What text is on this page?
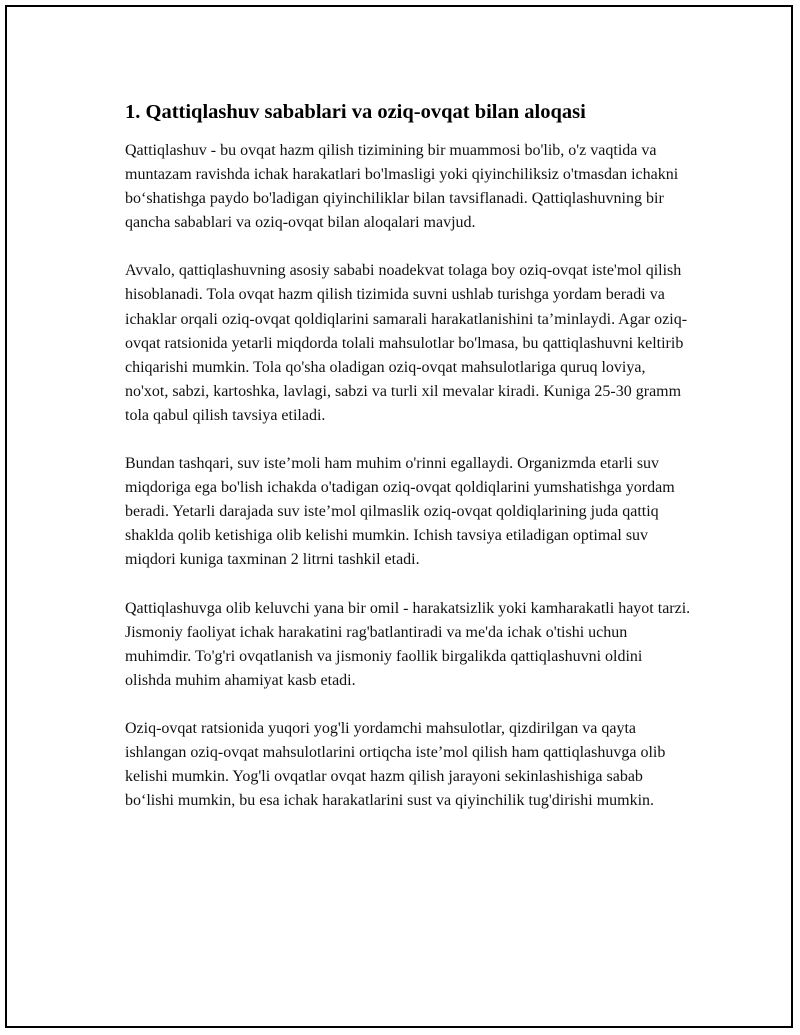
1. Qattiqlashuv sabablari va oziq-ovqat bilan aloqasi

Qattiqlashuv - bu ovqat hazm qilish tizimining bir muammosi bo'lib, o'z vaqtida va muntazam ravishda ichak harakatlari bo'lmasligi yoki qiyinchiliksiz o'tmasdan ichakni bo‘shatishga paydo bo'ladigan qiyinchiliklar bilan tavsiflanadi. Qattiqlashuvning bir qancha sabablari va oziq-ovqat bilan aloqalari mavjud.

Avvalo, qattiqlashuvning asosiy sababi noadekvat tolaga boy oziq-ovqat iste'mol qilish hisoblanadi. Tola ovqat hazm qilish tizimida suvni ushlab turishga yordam beradi va ichaklar orqali oziq-ovqat qoldiqlarini samarali harakatlanishini ta’minlaydi. Agar oziq-ovqat ratsionida yetarli miqdorda tolali mahsulotlar bo'lmasa, bu qattiqlashuvni keltirib chiqarishi mumkin. Tola qo'sha oladigan oziq-ovqat mahsulotlariga quruq loviya, no'xot, sabzi, kartoshka, lavlagi, sabzi va turli xil mevalar kiradi. Kuniga 25-30 gramm tola qabul qilish tavsiya etiladi.

Bundan tashqari, suv iste’moli ham muhim o'rinni egallaydi. Organizmda etarli suv miqdoriga ega bo'lish ichakda o'tadigan oziq-ovqat qoldiqlarini yumshatishga yordam beradi. Yetarli darajada suv iste’mol qilmaslik oziq-ovqat qoldiqlarining juda qattiq shaklda qolib ketishiga olib kelishi mumkin. Ichish tavsiya etiladigan optimal suv miqdori kuniga taxminan 2 litrni tashkil etadi.

Qattiqlashuvga olib keluvchi yana bir omil - harakatsizlik yoki kamharakatli hayot tarzi. Jismoniy faoliyat ichak harakatini rag'batlantiradi va me'da ichak o'tishi uchun muhimdir. To'g'ri ovqatlanish va jismoniy faollik birgalikda qattiqlashuvni oldini olishda muhim ahamiyat kasb etadi.

Oziq-ovqat ratsionida yuqori yog'li yordamchi mahsulotlar, qizdirilgan va qayta ishlangan oziq-ovqat mahsulotlarini ortiqcha iste’mol qilish ham qattiqlashuvga olib kelishi mumkin. Yog'li ovqatlar ovqat hazm qilish jarayoni sekinlashishiga sabab bo‘lishi mumkin, bu esa ichak harakatlarini sust va qiyinchilik tug'dirishi mumkin.
